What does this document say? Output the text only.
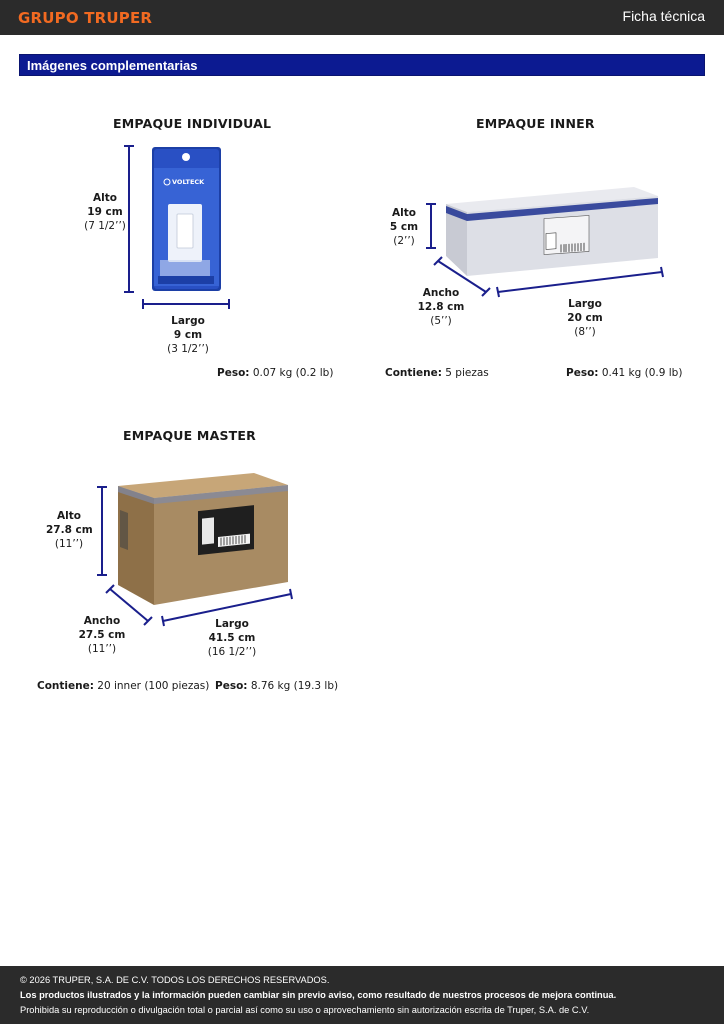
GRUPO TRUPER	Ficha técnica
Imágenes complementarias
EMPAQUE INDIVIDUAL
VOLTECK
Alto
19 cm
(7 1/2’’)
Largo
9 cm
(3 1/2’’)
Peso: 0.07 kg (0.2 lb)
EMPAQUE INNER
Alto
5 cm
(2’’)
Ancho
12.8 cm
(5’’)
Largo
20 cm
(8’’)
Contiene: 5 piezas	Peso: 0.41 kg (0.9 lb)
EMPAQUE MASTER
Alto
27.8 cm
(11’’)
Ancho
27.5 cm
(11’’)
Largo
41.5 cm
(16 1/2’’)
Contiene: 20 inner (100 piezas) Peso: 8.76 kg (19.3 lb)

© 2026 TRUPER, S.A. DE C.V. TODOS LOS DERECHOS RESERVADOS.

Los productos ilustrados y la información pueden cambiar sin previo aviso, como resultado de nuestros procesos de mejora continua.

Prohibida su reproducción o divulgación total o parcial así como su uso o aprovechamiento sin autorización escrita de Truper, S.A. de C.V.
